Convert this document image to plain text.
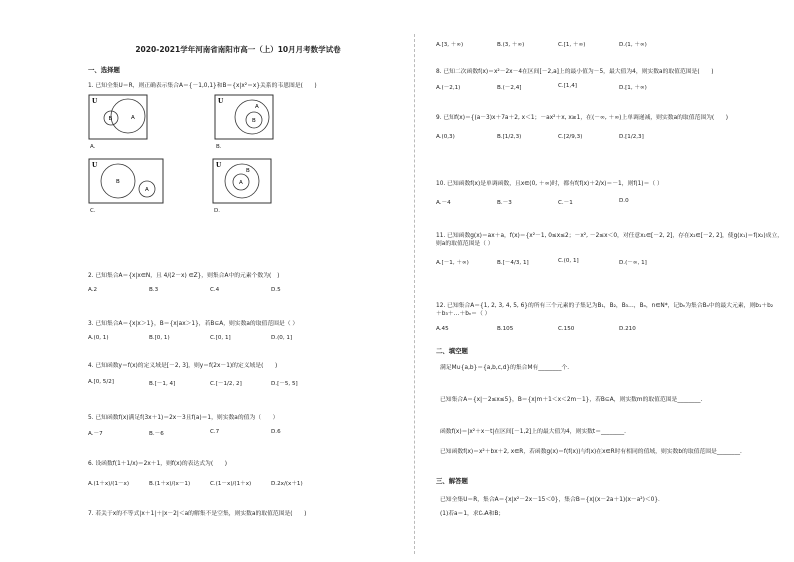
2020-2021学年河南省南阳市高一（上）10月月考数学试卷
一、选择题

1. 已知全集U＝R，则正确表示集合A＝{－1,0,1}和B＝{x|x²＝x}关系的韦恩图是(　　)

U
B	A
A.
U
B
A
B.
U
B
A
C.
U
A
B
D.

2. 已知集合A＝{x|x∈N，且 4/(2－x) ∈Z}，则集合A中的元素个数为(　)

A.2	B.3	C.4	D.5

3. 已知集合A＝{x|x＞1}，B＝{x|ax＞1}，若B⊆A，则实数a的取值范围是（ ）

A.(0, 1)	B.[0, 1)	C.[0, 1]	D.(0, 1]

4. 已知函数y＝f(x)的定义域是[－2, 3]，则y＝f(2x－1)的定义域是(　　)

A.[0, 5/2]	B.[－1, 4]	C.[－1/2, 2]	D.[－5, 5]

5. 已知函数f(x)满足f(3x＋1)＝2x－3且f(a)＝1，则实数a的值为（　　）

A.－7	B.－6	C.7	D.6

6. 设函数f(1＋1/x)＝2x＋1，则f(x)的表达式为(　　)

A.(1＋x)/(1－x)	B.(1＋x)/(x－1)	C.(1－x)/(1＋x)	D.2x/(x＋1)

7. 若关于x的不等式|x＋1|＋|x－2|＜a的解集不是空集，则实数a的取值范围是(　　)

A.[3, ＋∞)	B.(3, ＋∞)	C.[1, ＋∞)	D.(1, ＋∞)

8. 已知二次函数f(x)＝x²－2x－4在区间[－2,a]上的最小值为－5，最大值为4，则实数a的取值范围是(　　)

A.(－2,1)	B.(－2,4]	C.[1,4]	D.[1, ＋∞)

9. 已知f(x)＝{(a－3)x＋7a＋2, x＜1；－ax²＋x, x≥1，在(－∞, ＋∞)上单调递减，则实数a的取值范围为(　　)

A.(0,3)	B.[1/2,3)	C.[2/9,3)	D.[1/2,3]

10. 已知函数f(x)是单调函数，且x∈(0, ＋∞)时，都有f(f(x)＋2/x)＝－1，则f(1)＝（ ）

A.－4	B.－3	C.－1	D.0

11. 已知函数g(x)＝ax＋a，f(x)＝{x²－1, 0≤x≤2；－x², －2≤x＜0，对任意x₁∈[－2, 2]，存在x₂∈[－2, 2]，使g(x₁)＝f(x₂)成立，则a的取值范围是（ ）

A.[－1, ＋∞)	B.[－4/3, 1]	C.(0, 1]	D.(－∞, 1]

12. 已知集合A＝{1, 2, 3, 4, 5, 6}的所有三个元素的子集记为B₁，B₂，B₃…，Bₙ，n∈N*，记bₙ为集合Bₙ中的最大元素，则b₁＋b₂＋b₃＋…＋bₙ＝（ ）

A.45	B.105	C.150	D.210
二、填空题

满足M∪{a,b}＝{a,b,c,d}的集合M有________个.

已知集合A＝{x|－2≤x≤5}，B＝{x|m＋1＜x＜2m－1}，若B⊆A，则实数m的取值范围是________.

函数f(x)＝|x²＋x－t|在区间[－1,2]上的最大值为4，则实数t＝________.

已知函数f(x)＝x²＋bx＋2, x∈R，若函数g(x)＝f(f(x))与f(x)在x∈R时有相同的值域，则实数b的取值范围是________.

三、解答题

已知全集U＝R，集合A＝{x|x²－2x－15＜0}，集合B＝{x|(x－2a＋1)(x－a²)＜0}．

(1)若a＝1，求∁ᵤA和B；
